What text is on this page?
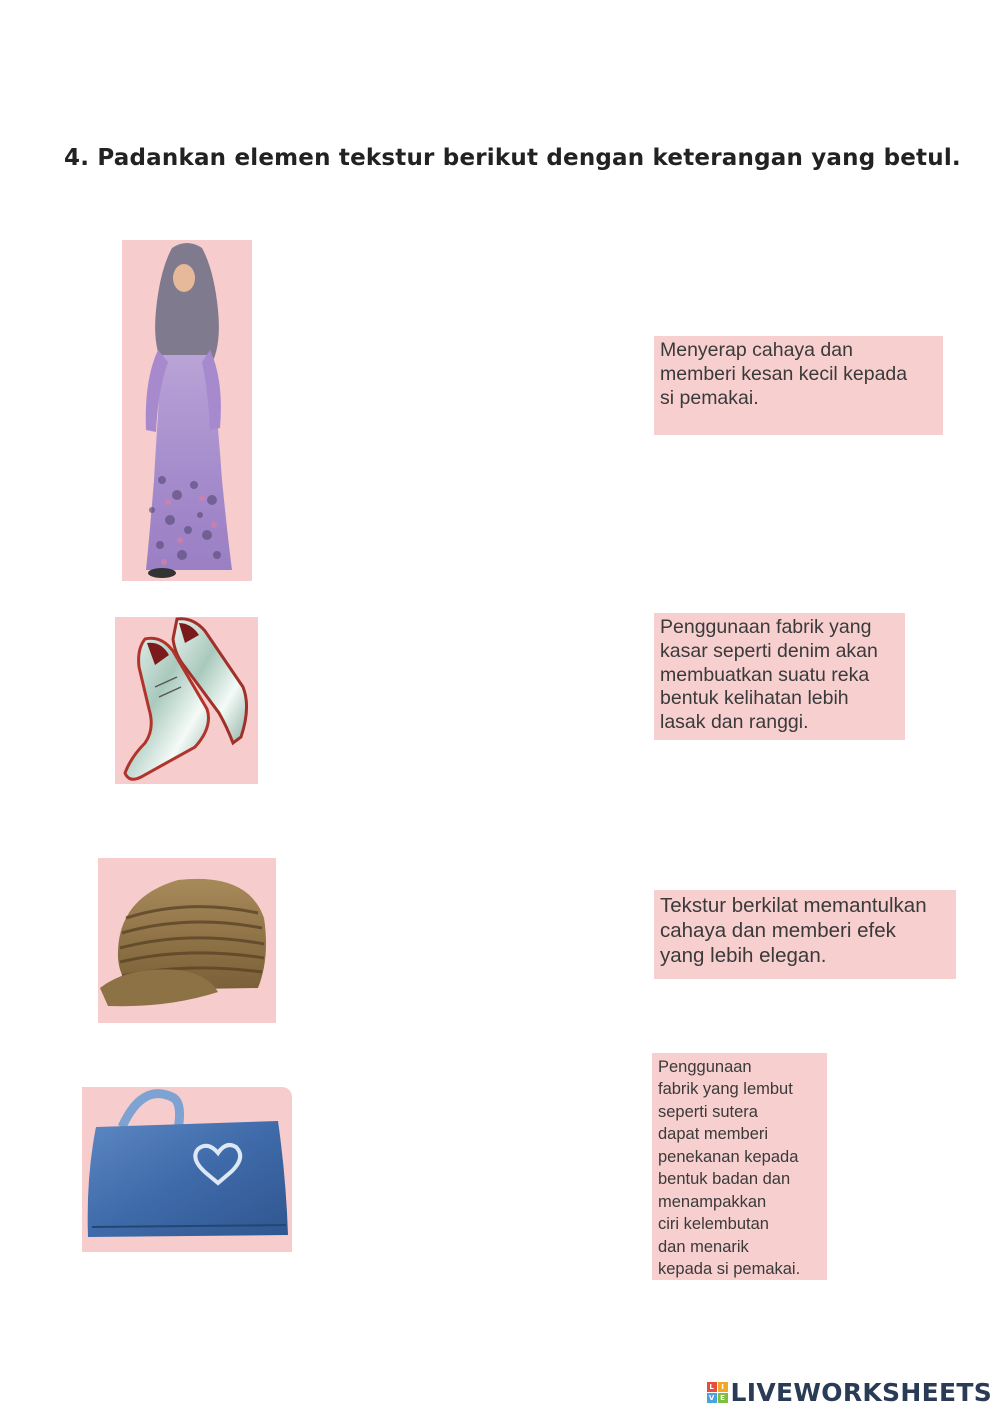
4. Padankan elemen tekstur berikut dengan keterangan yang betul.
Menyerap cahaya dan
memberi kesan kecil kepada
si pemakai.
Penggunaan fabrik yang
kasar seperti denim akan
membuatkan suatu reka
bentuk kelihatan lebih
lasak dan ranggi.
Tekstur berkilat memantulkan
cahaya dan memberi efek
yang lebih elegan.
Penggunaan
fabrik yang lembut
seperti sutera
dapat memberi
penekanan kepada
bentuk badan dan
menampakkan
ciri kelembutan
dan menarik
kepada si pemakai.
L	I
V E LIVEWORKSHEETS
